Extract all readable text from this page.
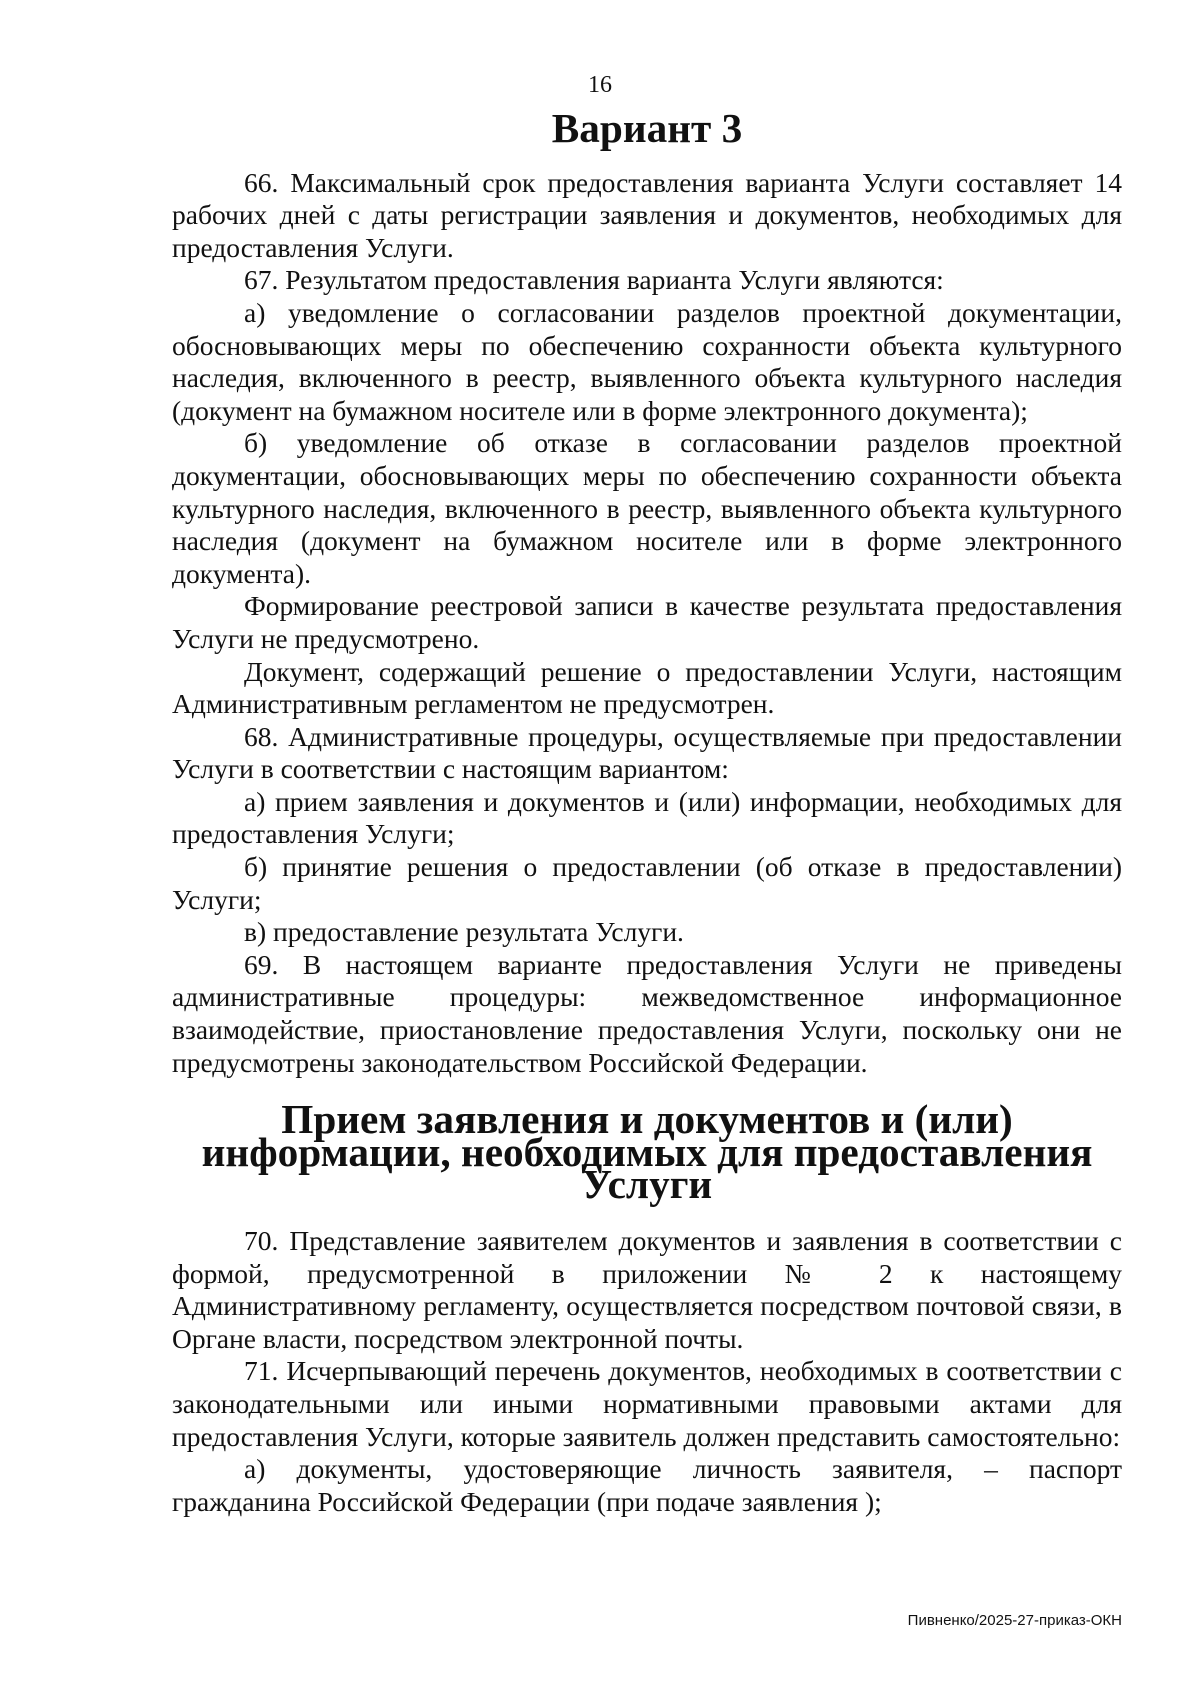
16
Вариант 3

66. Максимальный срок предоставления варианта Услуги составляет 14 рабочих дней с даты регистрации заявления и документов, необходимых для предоставления Услуги.

67. Результатом предоставления варианта Услуги являются:

а) уведомление о согласовании разделов проектной документации, обосновывающих меры по обеспечению сохранности объекта культурного наследия, включенного в реестр, выявленного объекта культурного наследия (документ на бумажном носителе или в форме электронного документа);

б) уведомление об отказе в согласовании разделов проектной документации, обосновывающих меры по обеспечению сохранности объекта культурного наследия, включенного в реестр, выявленного объекта культурного наследия (документ на бумажном носителе или в форме электронного документа).

Формирование реестровой записи в качестве результата предоставления Услуги не предусмотрено.

Документ, содержащий решение о предоставлении Услуги, настоящим Административным регламентом не предусмотрен.

68. Административные процедуры, осуществляемые при предоставлении Услуги в соответствии с настоящим вариантом:

а) прием заявления и документов и (или) информации, необходимых для предоставления Услуги;

б) принятие решения о предоставлении (об отказе в предоставлении) Услуги;

в) предоставление результата Услуги.

69. В настоящем варианте предоставления Услуги не приведены административные процедуры: межведомственное информационное взаимодействие, приостановление предоставления Услуги, поскольку они не предусмотрены законодательством Российской Федерации.

Прием заявления и документов и (или) информации, необходимых для предоставления Услуги

70. Представление заявителем документов и заявления в соответствии с формой, предусмотренной в приложении № 2 к настоящему Административному регламенту, осуществляется посредством почтовой связи, в Органе власти, посредством электронной почты.

71. Исчерпывающий перечень документов, необходимых в соответствии с законодательными или иными нормативными правовыми актами для предоставления Услуги, которые заявитель должен представить самостоятельно:

а) документы, удостоверяющие личность заявителя, – паспорт гражданина Российской Федерации (при подаче заявления );

Пивненко/2025-27-приказ-ОКН
